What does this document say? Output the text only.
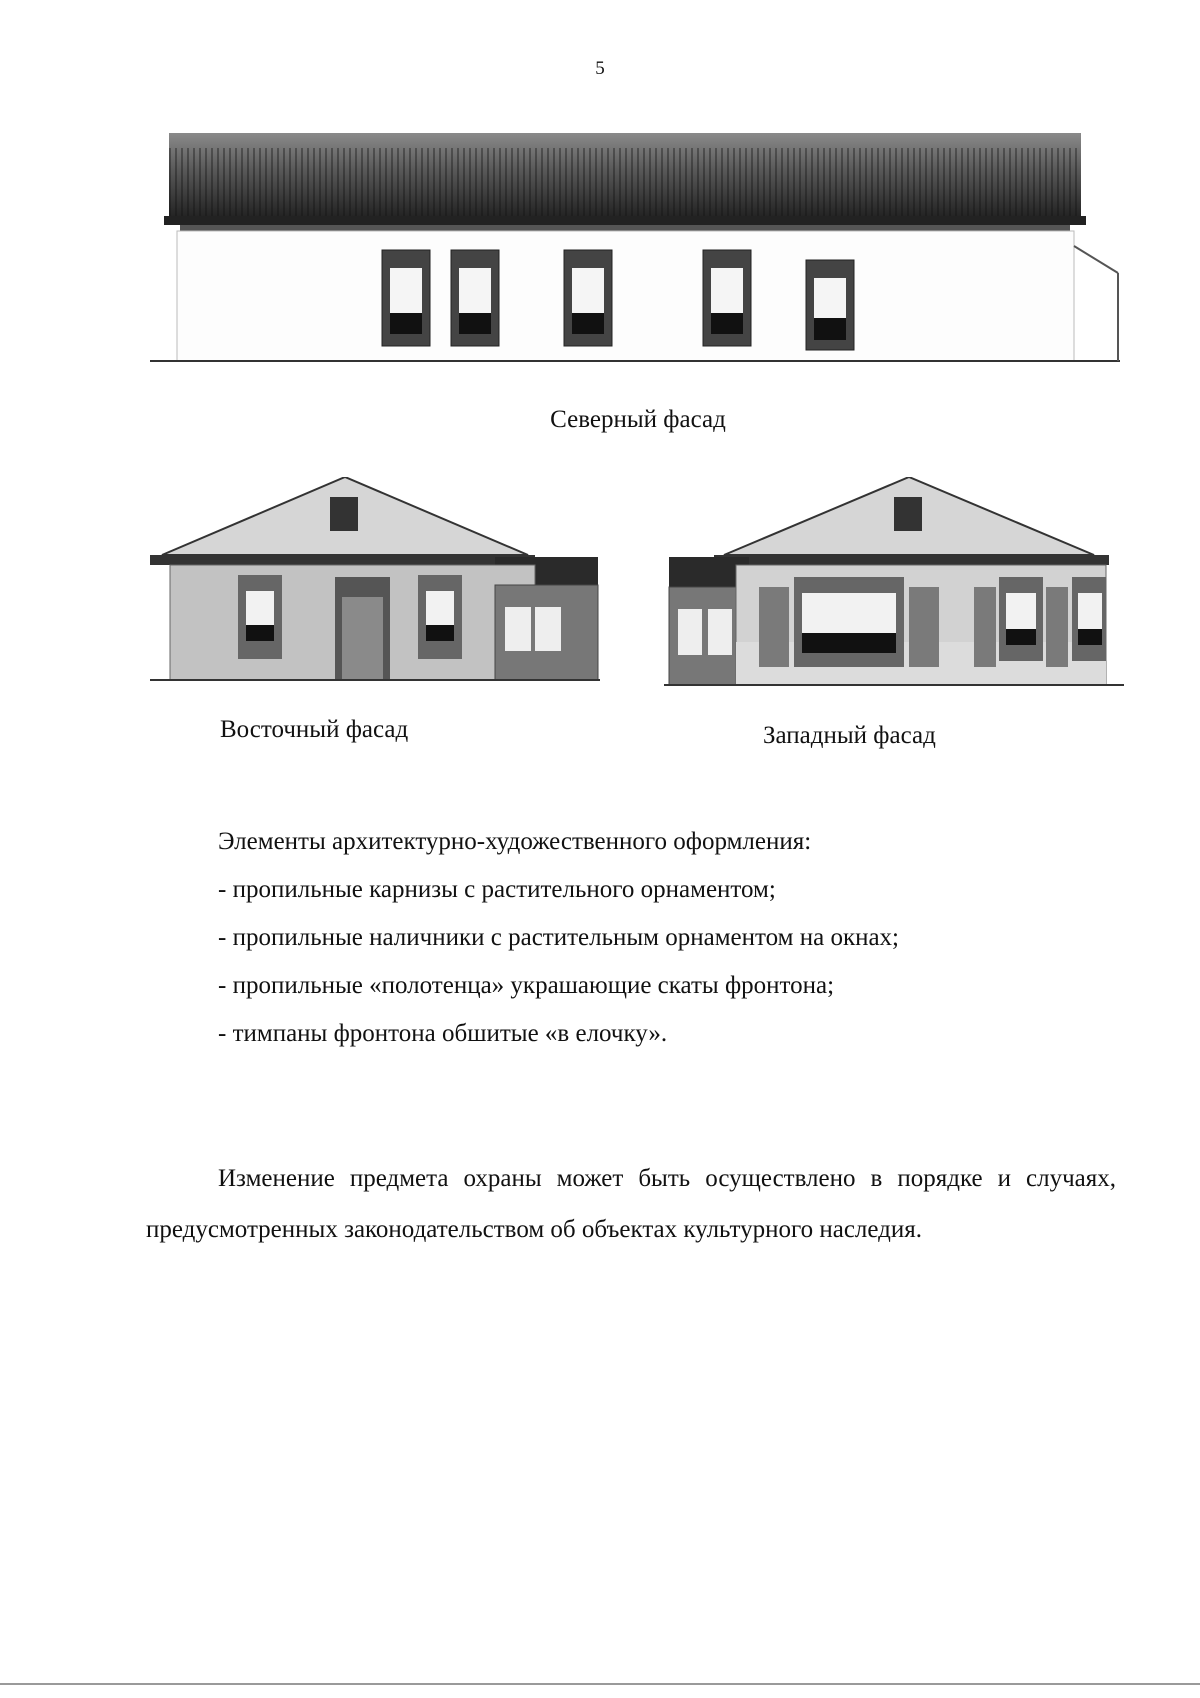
5
Северный фасад
Восточный фасад	Западный фасад
Элементы архитектурно-художественного оформления:
- пропильные карнизы с растительного орнаментом;
- пропильные наличники с растительным орнаментом на окнах;
- пропильные «полотенца» украшающие скаты фронтона;
- тимпаны фронтона обшитые «в елочку».
Изменение предмета охраны может быть осуществлено в порядке и случаях, предусмотренных законодательством об объектах культурного наследия.
